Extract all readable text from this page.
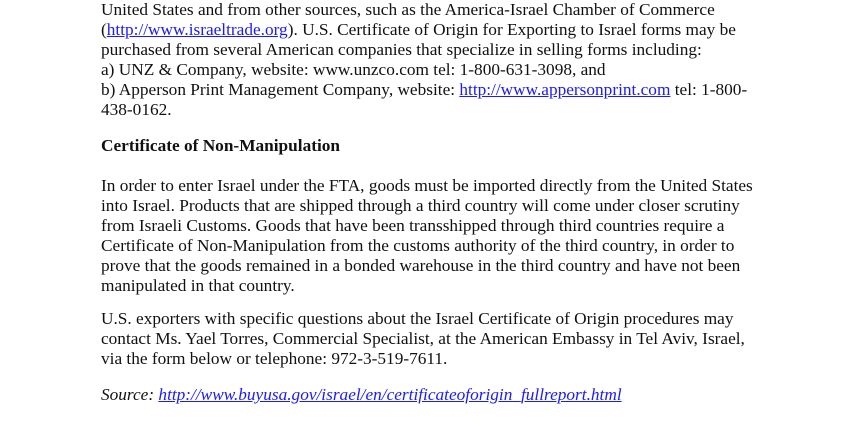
United States and from other sources, such as the America-Israel Chamber of Commerce
(http://www.israeltrade.org). U.S. Certificate of Origin for Exporting to Israel forms may be
purchased from several American companies that specialize in selling forms including:
a) UNZ & Company, website: www.unzco.com tel: 1-800-631-3098, and
b) Apperson Print Management Company, website: http://www.appersonprint.com tel: 1-800-
438-0162.
Certificate of Non-Manipulation
In order to enter Israel under the FTA, goods must be imported directly from the United States
into Israel. Products that are shipped through a third country will come under closer scrutiny
from Israeli Customs. Goods that have been transshipped through third countries require a
Certificate of Non-Manipulation from the customs authority of the third country, in order to
prove that the goods remained in a bonded warehouse in the third country and have not been
manipulated in that country.
U.S. exporters with specific questions about the Israel Certificate of Origin procedures may
contact Ms. Yael Torres, Commercial Specialist, at the American Embassy in Tel Aviv, Israel,
via the form below or telephone: 972-3-519-7611.
Source: http://www.buyusa.gov/israel/en/certificateoforigin_fullreport.html
